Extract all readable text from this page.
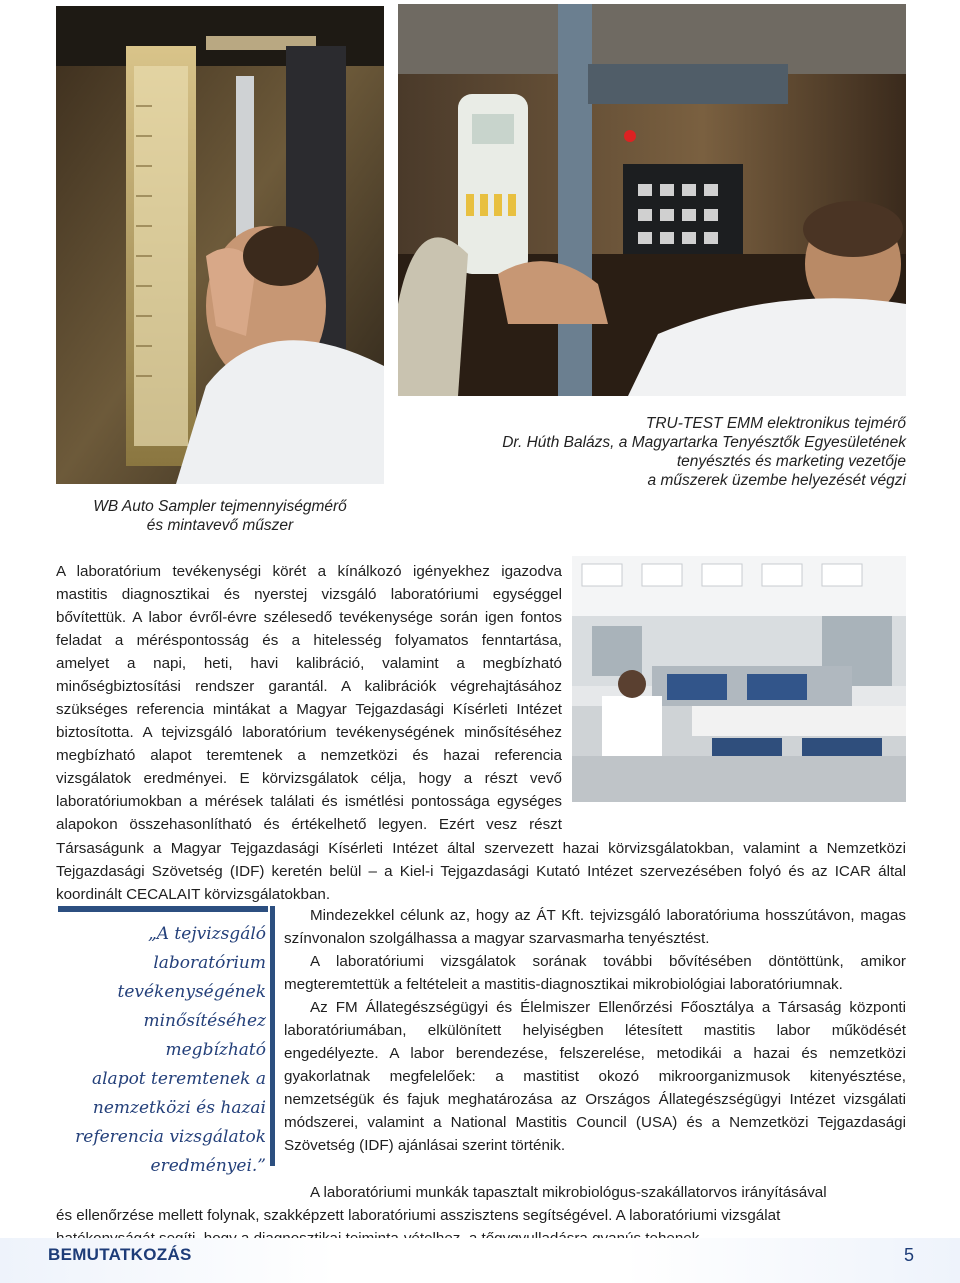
TRU-TEST EMM elektronikus tejmérő
Dr. Húth Balázs, a Magyartarka Tenyésztők Egyesületének
tenyésztés és marketing vezetője
a műszerek üzembe helyezését végzi
WB Auto Sampler tejmennyiségmérő
és mintavevő műszer
A laboratórium tevékenységi körét a kínálkozó igényekhez igazodva
mastitis diagnosztikai és nyerstej vizsgáló laboratóriumi egységgel
bővítettük. A labor évről-évre szélesedő tevékenysége során igen fontos
feladat a méréspontosság és a hitelesség folyamatos fenntartása,
amelyet a napi, heti, havi kalibráció, valamint a megbízható
minőségbiztosítási rendszer garantál. A kalibrációk végrehajtásához
szükséges referencia mintákat a Magyar Tejgazdasági Kísérleti Intézet
biztosította. A tejvizsgáló laboratórium tevékenységének minősítéséhez
megbízható alapot teremtenek a nemzetközi és hazai referencia
vizsgálatok eredményei. E körvizsgálatok célja, hogy a részt vevő
laboratóriumokban a mérések találati és ismétlési pontossága egységes
alapokon összehasonlítható és értékelhető legyen. Ezért vesz részt
Társaságunk a Magyar Tejgazdasági Kísérleti Intézet által szervezett hazai körvizsgálatokban, valamint a Nemzetközi
Tejgazdasági Szövetség (IDF) keretén belül – a Kiel-i Tejgazdasági Kutató Intézet szervezésében folyó és az ICAR által
koordinált CECALAIT körvizsgálatokban.
„A tejvizsgáló
laboratórium
tevékenységének
minősítéséhez megbízható
alapot teremtenek a
nemzetközi és hazai
referencia vizsgálatok
eredményei.”
Mindezekkel célunk az, hogy az ÁT Kft. tejvizsgáló laboratóriuma hosszútávon, magas
színvonalon szolgálhassa a magyar szarvasmarha tenyésztést.
A laboratóriumi vizsgálatok sorának további bővítésében döntöttünk, amikor
megteremtettük a feltételeit a mastitis-diagnosztikai mikrobiológiai laboratóriumnak.
Az FM Állategészségügyi és Élelmiszer Ellenőrzési Főosztálya a Társaság központi
laboratóriumában, elkülönített helyiségben létesített mastitis labor működését
engedélyezte. A labor berendezése, felszerelése, metodikái a hazai és nemzetközi
gyakorlatnak megfelelőek: a mastitist okozó mikroorganizmusok kitenyésztése,
nemzetségük és fajuk meghatározása az Országos Állategészségügyi Intézet vizsgálati
módszerei, valamint a National Mastitis Council (USA) és a Nemzetközi Tejgazdasági
Szövetség (IDF) ajánlásai szerint történik.
A laboratóriumi munkák tapasztalt mikrobiológus-szakállatorvos irányításával
és ellenőrzése mellett folynak, szakképzett laboratóriumi asszisztens segítségével. A laboratóriumi vizsgálat
BEMUTATKOZÁS	5
